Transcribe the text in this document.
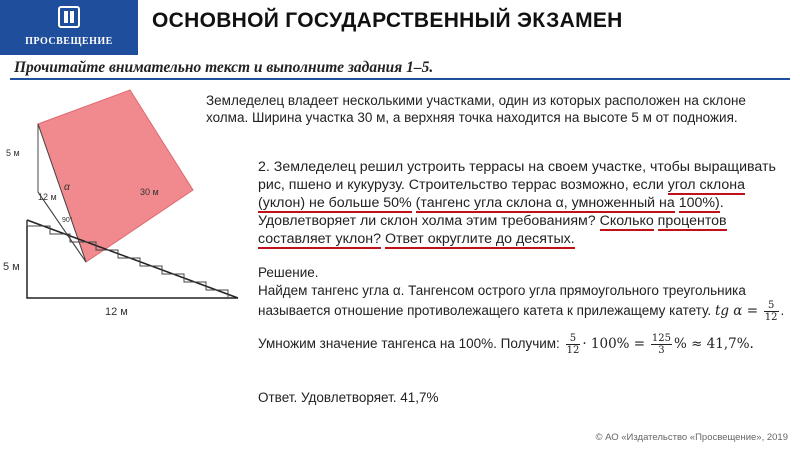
ПРОСВЕЩЕНИЕ
ОСНОВНОЙ ГОСУДАРСТВЕННЫЙ ЭКЗАМЕН
Прочитайте внимательно текст и выполните задания 1–5.
5 м
12 м
α	30 м
90°
5 м
12 м
Земледелец владеет несколькими участками, один из которых расположен на склоне холма. Ширина участка 30 м, а верхняя точка находится на высоте 5 м от подножия.
2. Земледелец решил устроить террасы на своем участке, чтобы выращивать рис, пшено и кукурузу. Строительство террас возможно, если угол склона (уклон) не больше 50% (тангенс угла склона α, умноженный на 100%). Удовлетворяет ли склон холма этим требованиям? Сколько процентов составляет уклон? Ответ округлите до десятых.
Решение.
Найдем тангенс угла α. Тангенсом острого угла прямоугольного треугольника называется отношение противолежащего катета к прилежащему катету. tg $\alpha = \frac{5}{12}$ .
Умножим значение тангенса на 100%. Получим: $\frac{5}{12} \cdot 100\% = \frac{125}{3}$ % ≈ 41,7%.
Ответ. Удовлетворяет. 41,7%
© АО «Издательство «Просвещение», 2019
